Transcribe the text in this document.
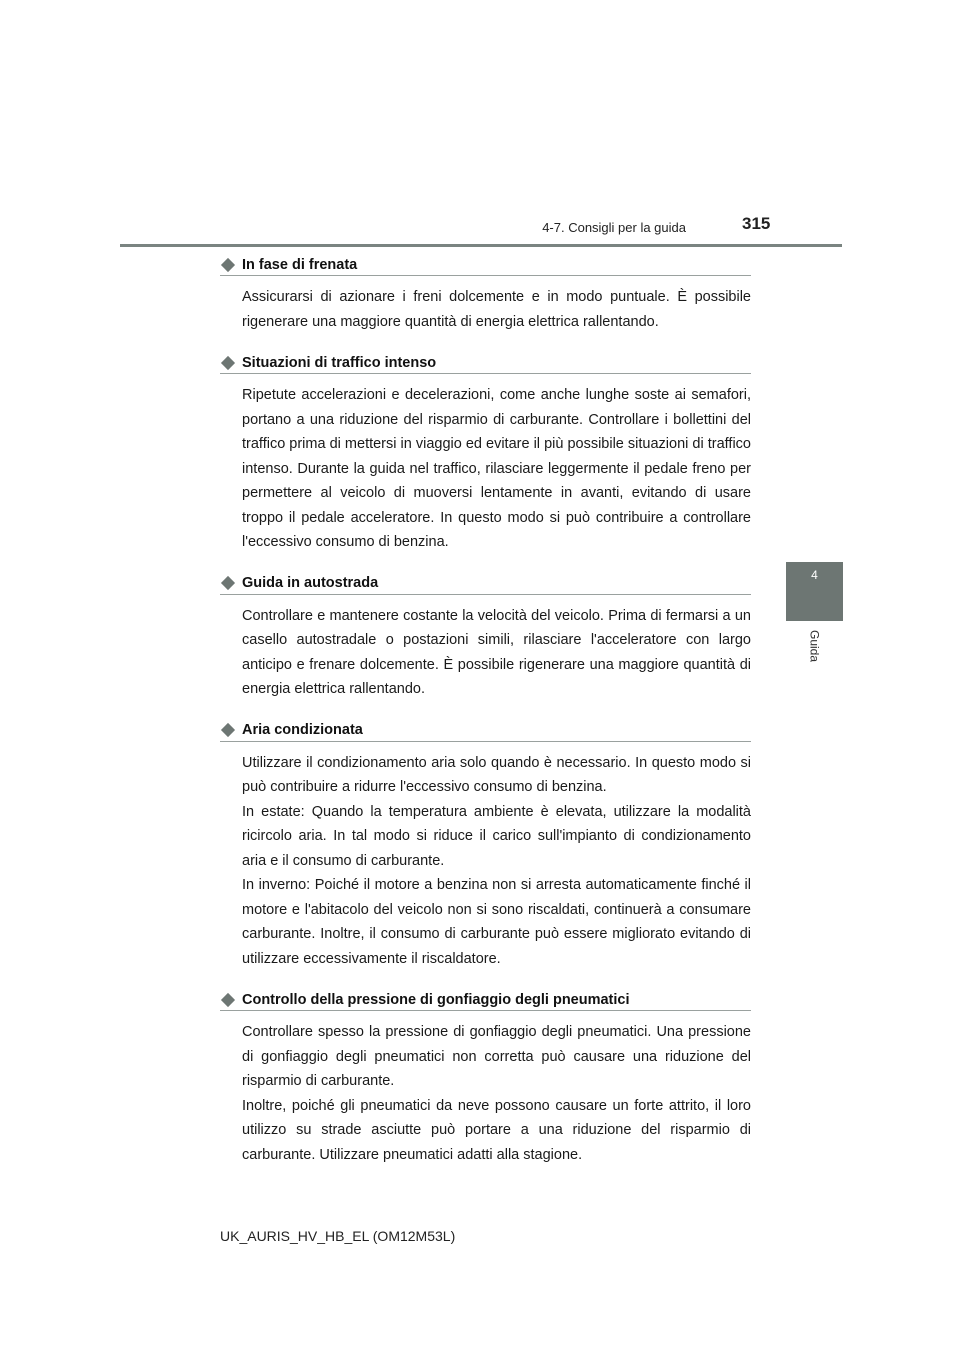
4-7. Consigli per la guida	315
4
Guida
In fase di frenata

Assicurarsi di azionare i freni dolcemente e in modo puntuale. È possibile rigenerare una maggiore quantità di energia elettrica rallentando.

Situazioni di traffico intenso

Ripetute accelerazioni e decelerazioni, come anche lunghe soste ai semafori, portano a una riduzione del risparmio di carburante. Controllare i bollettini del traffico prima di mettersi in viaggio ed evitare il più possibile situazioni di traffico intenso. Durante la guida nel traffico, rilasciare leggermente il pedale freno per permettere al veicolo di muoversi lentamente in avanti, evitando di usare troppo il pedale acceleratore. In questo modo si può contribuire a controllare l'eccessivo consumo di benzina.

Guida in autostrada

Controllare e mantenere costante la velocità del veicolo. Prima di fermarsi a un casello autostradale o postazioni simili, rilasciare l'acceleratore con largo anticipo e frenare dolcemente. È possibile rigenerare una maggiore quantità di energia elettrica rallentando.

Aria condizionata

Utilizzare il condizionamento aria solo quando è necessario. In questo modo si può contribuire a ridurre l'eccessivo consumo di benzina.

In estate: Quando la temperatura ambiente è elevata, utilizzare la modalità ricircolo aria. In tal modo si riduce il carico sull'impianto di condizionamento aria e il consumo di carburante.

In inverno: Poiché il motore a benzina non si arresta automaticamente finché il motore e l'abitacolo del veicolo non si sono riscaldati, continuerà a consumare carburante. Inoltre, il consumo di carburante può essere migliorato evitando di utilizzare eccessivamente il riscaldatore.

Controllo della pressione di gonfiaggio degli pneumatici

Controllare spesso la pressione di gonfiaggio degli pneumatici. Una pressione di gonfiaggio degli pneumatici non corretta può causare una riduzione del risparmio di carburante.

Inoltre, poiché gli pneumatici da neve possono causare un forte attrito, il loro utilizzo su strade asciutte può portare a una riduzione del risparmio di carburante. Utilizzare pneumatici adatti alla stagione.

UK_AURIS_HV_HB_EL (OM12M53L)
